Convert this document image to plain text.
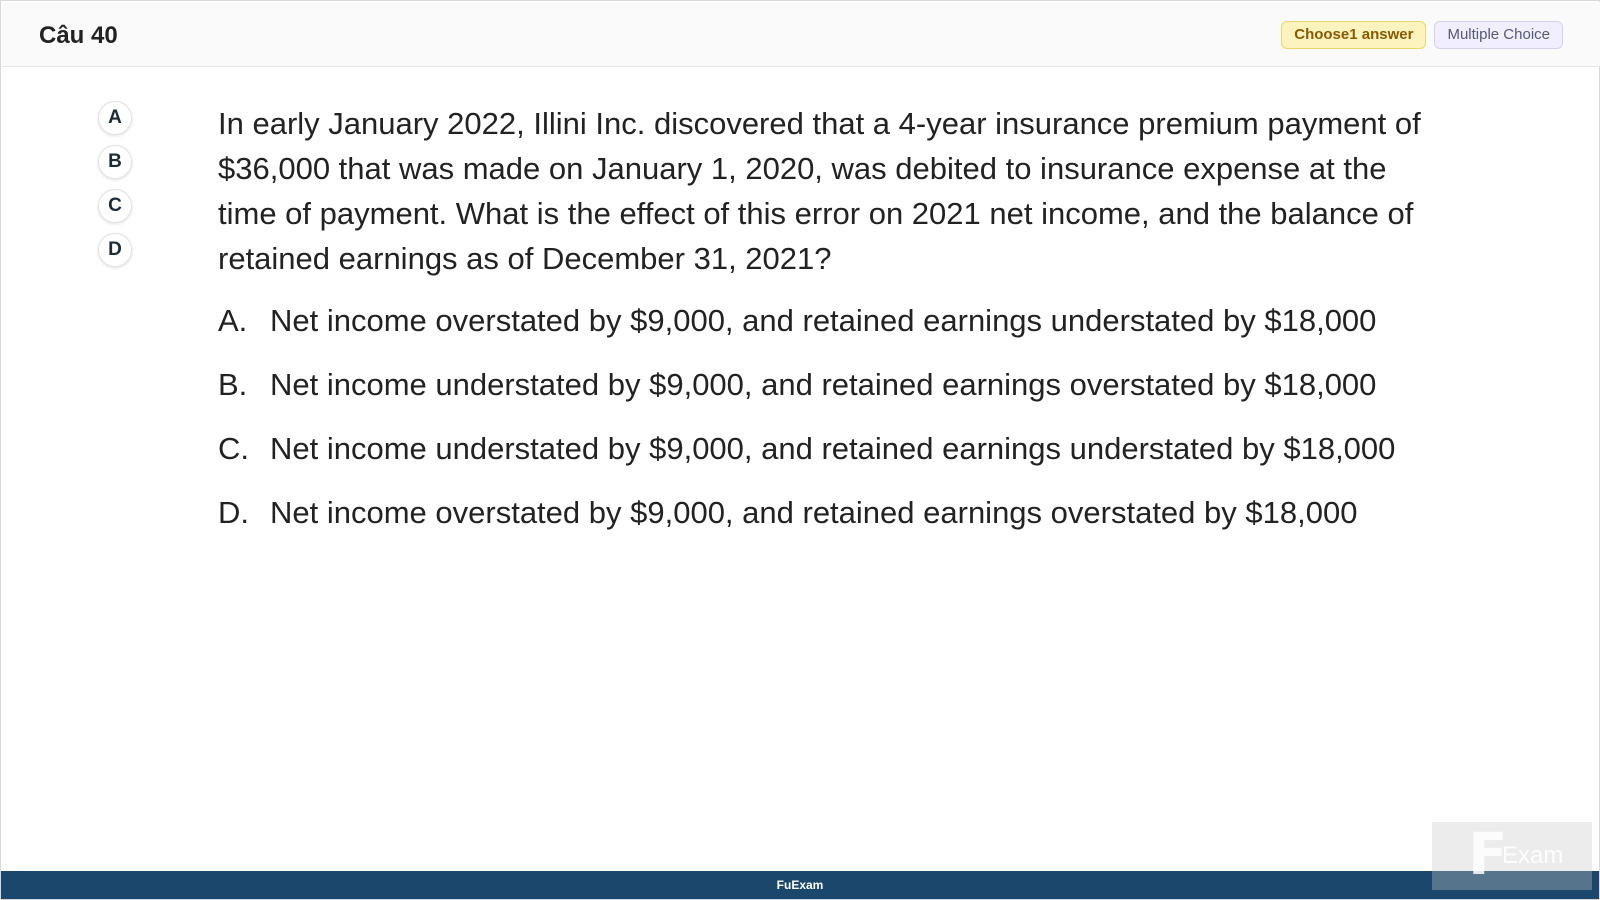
Câu 40	Choose1 answer	Multiple Choice
A
B
C
D

In early January 2022, Illini Inc. discovered that a 4-year insurance premium payment of $36,000 that was made on January 1, 2020, was debited to insurance expense at the time of payment. What is the effect of this error on 2021 net income, and the balance of retained earnings as of December 31, 2021?

A. Net income overstated by $9,000, and retained earnings understated by $18,000
B. Net income understated by $9,000, and retained earnings overstated by $18,000
C. Net income understated by $9,000, and retained earnings understated by $18,000
D. Net income overstated by $9,000, and retained earnings overstated by $18,000
FuExam	F
Exam
